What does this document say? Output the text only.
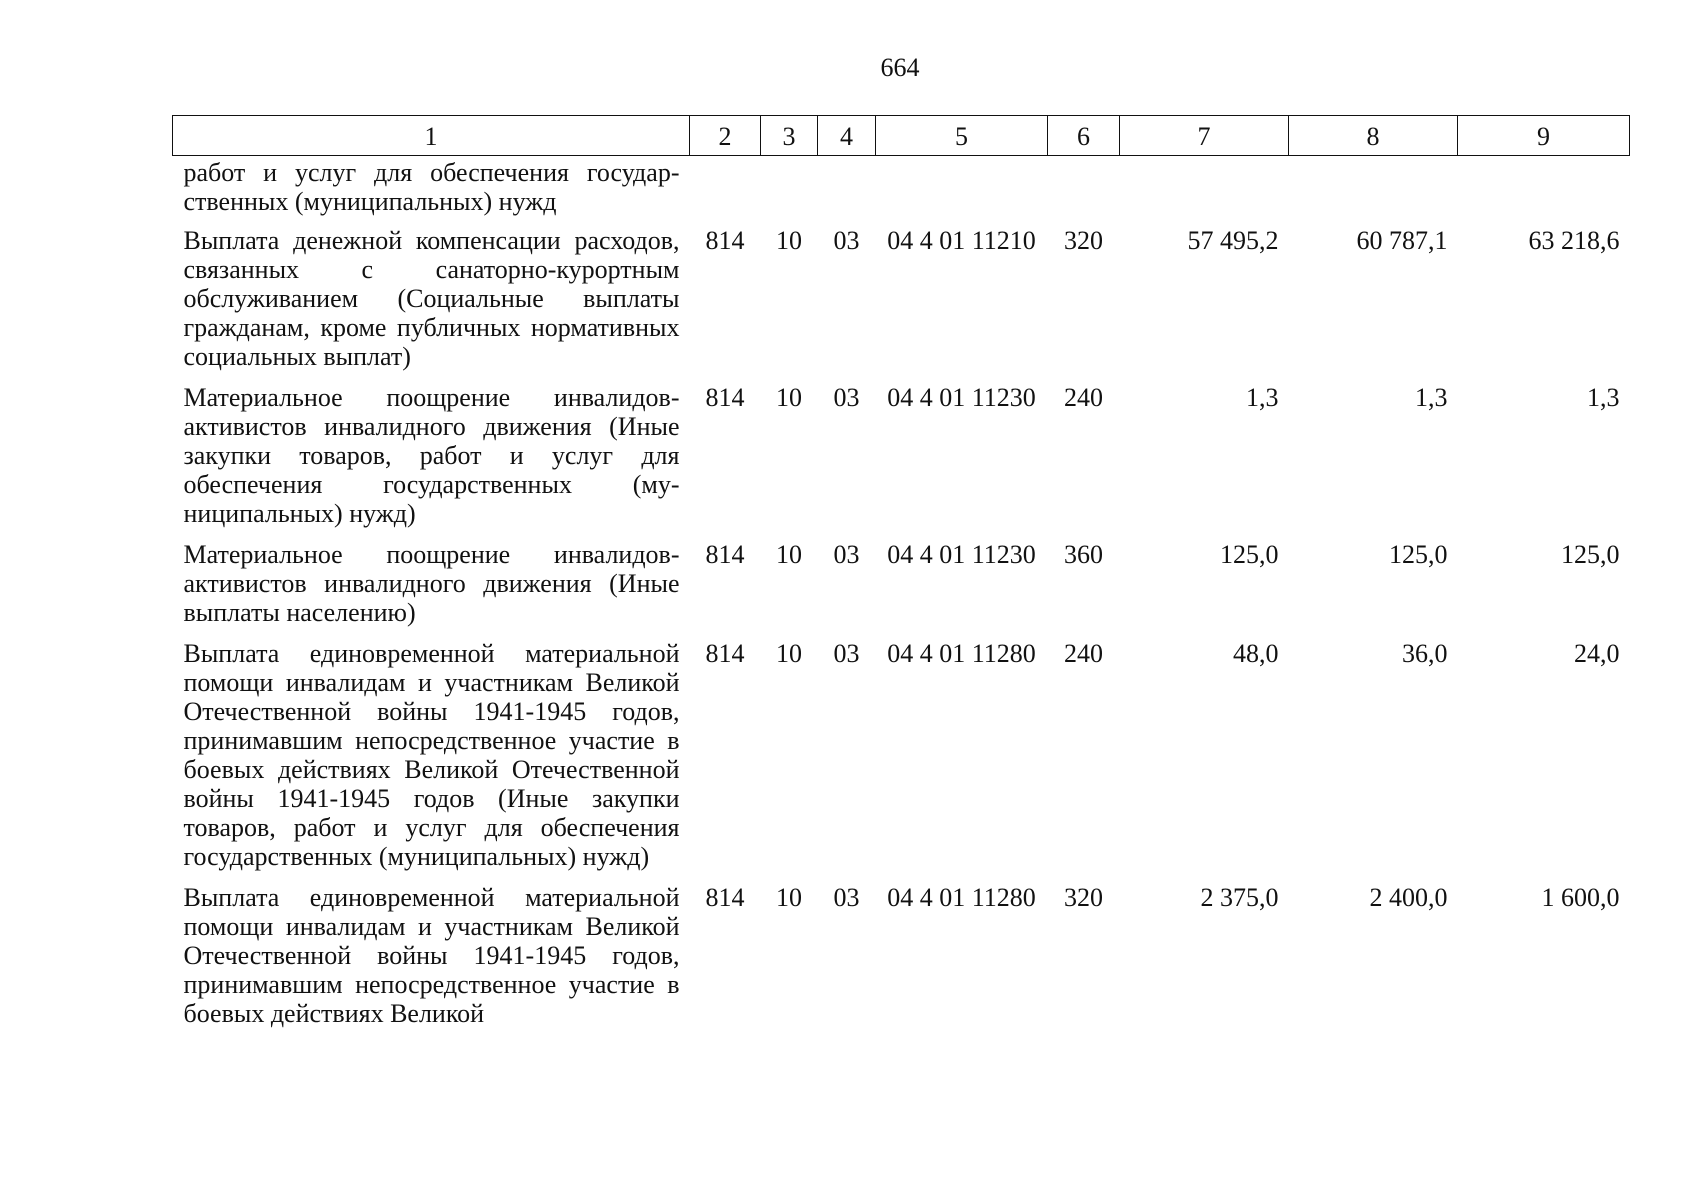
664
1	2	3	4	5	6	7	8	9
работ и услуг для обеспечения государственных (муниципальных) нужд								
Выплата денежной компенсации расходов, связанных с санаторно-курортным обслуживанием (Социальные выплаты гражданам, кроме публичных нормативных социальных выплат)	814	10	03	04 4 01 11210	320	57 495,2	60 787,1	63 218,6
Материальное поощрение инвалидов-активистов инвалидного движения (Иные закупки товаров, работ и услуг для обеспечения государственных (муниципальных) нужд)	814	10	03	04 4 01 11230	240	1,3	1,3	1,3
Материальное поощрение инвалидов-активистов инвалидного движения (Иные выплаты населению)	814	10	03	04 4 01 11230	360	125,0	125,0	125,0
Выплата единовременной материальной помощи инвалидам и участникам Великой Отечественной войны 1941-1945 годов, принимавшим непосредственное участие в боевых действиях Великой Отечественной войны 1941-1945 годов (Иные закупки товаров, работ и услуг для обеспечения государственных (муниципальных) нужд)	814	10	03	04 4 01 11280	240	48,0	36,0	24,0
Выплата единовременной материальной помощи инвалидам и участникам Великой Отечественной войны 1941-1945 годов, принимавшим непосредственное участие в боевых действиях Великой	814	10	03	04 4 01 11280	320	2 375,0	2 400,0	1 600,0
